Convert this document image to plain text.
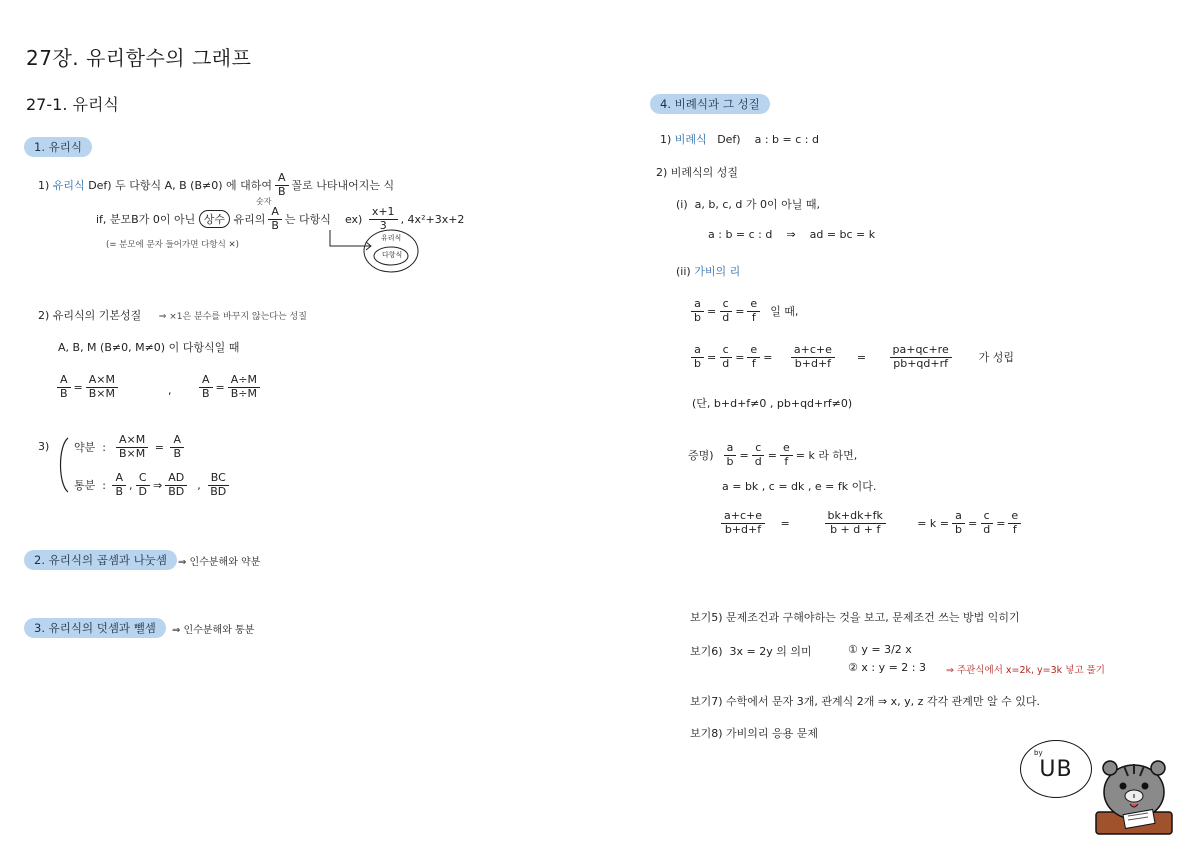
27장. 유리함수의 그래프
27-1. 유리식
1. 유리식
1)
유리식
Def)
두 다항식 A, B (B≠0) 에 대하여 $\frac{A}{B}$ 꼴로 나타내어지는 식
숫자
if, 분모B가 0이 아닌
상수
유리의 $\frac{A}{B}$ 는 다항식
ex)
$\frac{x+1}{3}$ , 4x²+3x+2
(= 분모에 문자 들어가면 다항식 ✕)
유리식
다항식
2) 유리식의 기본성질 ⇒ ×1은 분수를 바꾸지 않는다는 성질
A, B, M (B≠0, M≠0) 이 다항식일 때
$\frac{A}{B} = \frac{A\times M}{B\times M}$	,	$\frac{A}{B} = \frac{A\div M}{B\div M}$
3) 약분
:
$\frac{A\times M}{B\times M}$
=
$\frac{A}{B}$
통분
:
$\frac{A}{B}$ , $\frac{C}{D}$ ⇒ $\frac{AD}{BD}$
,
$\frac{BC}{BD}$
2. 유리식의 곱셈과 나눗셈	⇒ 인수분해와 약분
3. 유리식의 덧셈과 뺄셈	⇒ 인수분해와 통분
4. 비례식과 그 성질
1) 비례식 Def) a : b = c : d
2) 비례식의 성질
(i) a, b, c, d 가 0이 아닐 때,
a : b = c : d ⇒ ad = bc = k
(ii) 가비의 리
$\frac{a}{b} = \frac{c}{d} = \frac{e}{f}$
일 때,
$\frac{a}{b} = \frac{c}{d} = \frac{e}{f}$ =
$\frac{a+c+e}{b+d+f}$
=
$\frac{pa+qc+re}{pb+qd+rf}$
가 성립
(단, b+d+f≠0 , pb+qd+rf≠0)
증명)
$\frac{a}{b} = \frac{c}{d} = \frac{e}{f} = k$ 라 하면,
a = bk , c = dk , e = fk 이다.
$\frac{a+c+e}{b+d+f}$
=
$\frac{bk+dk+fk}{b + d + f}$
= $k = \frac{a}{b} = \frac{c}{d} = \frac{e}{f}$
보기5) 문제조건과 구해야하는 것을 보고, 문제조건 쓰는 방법 익히기
보기6) 3x = 2y 의 의미	① y = 3/2 x
② x : y = 2 : 3 ⇒ 주관식에서 x=2k, y=3k 넣고 풀기
보기7) 수학에서 문자 3개, 관계식 2개 ⇒ x, y, z 각각 관계만 알 수 있다.
보기8) 가비의리 응용 문제
UB
by
